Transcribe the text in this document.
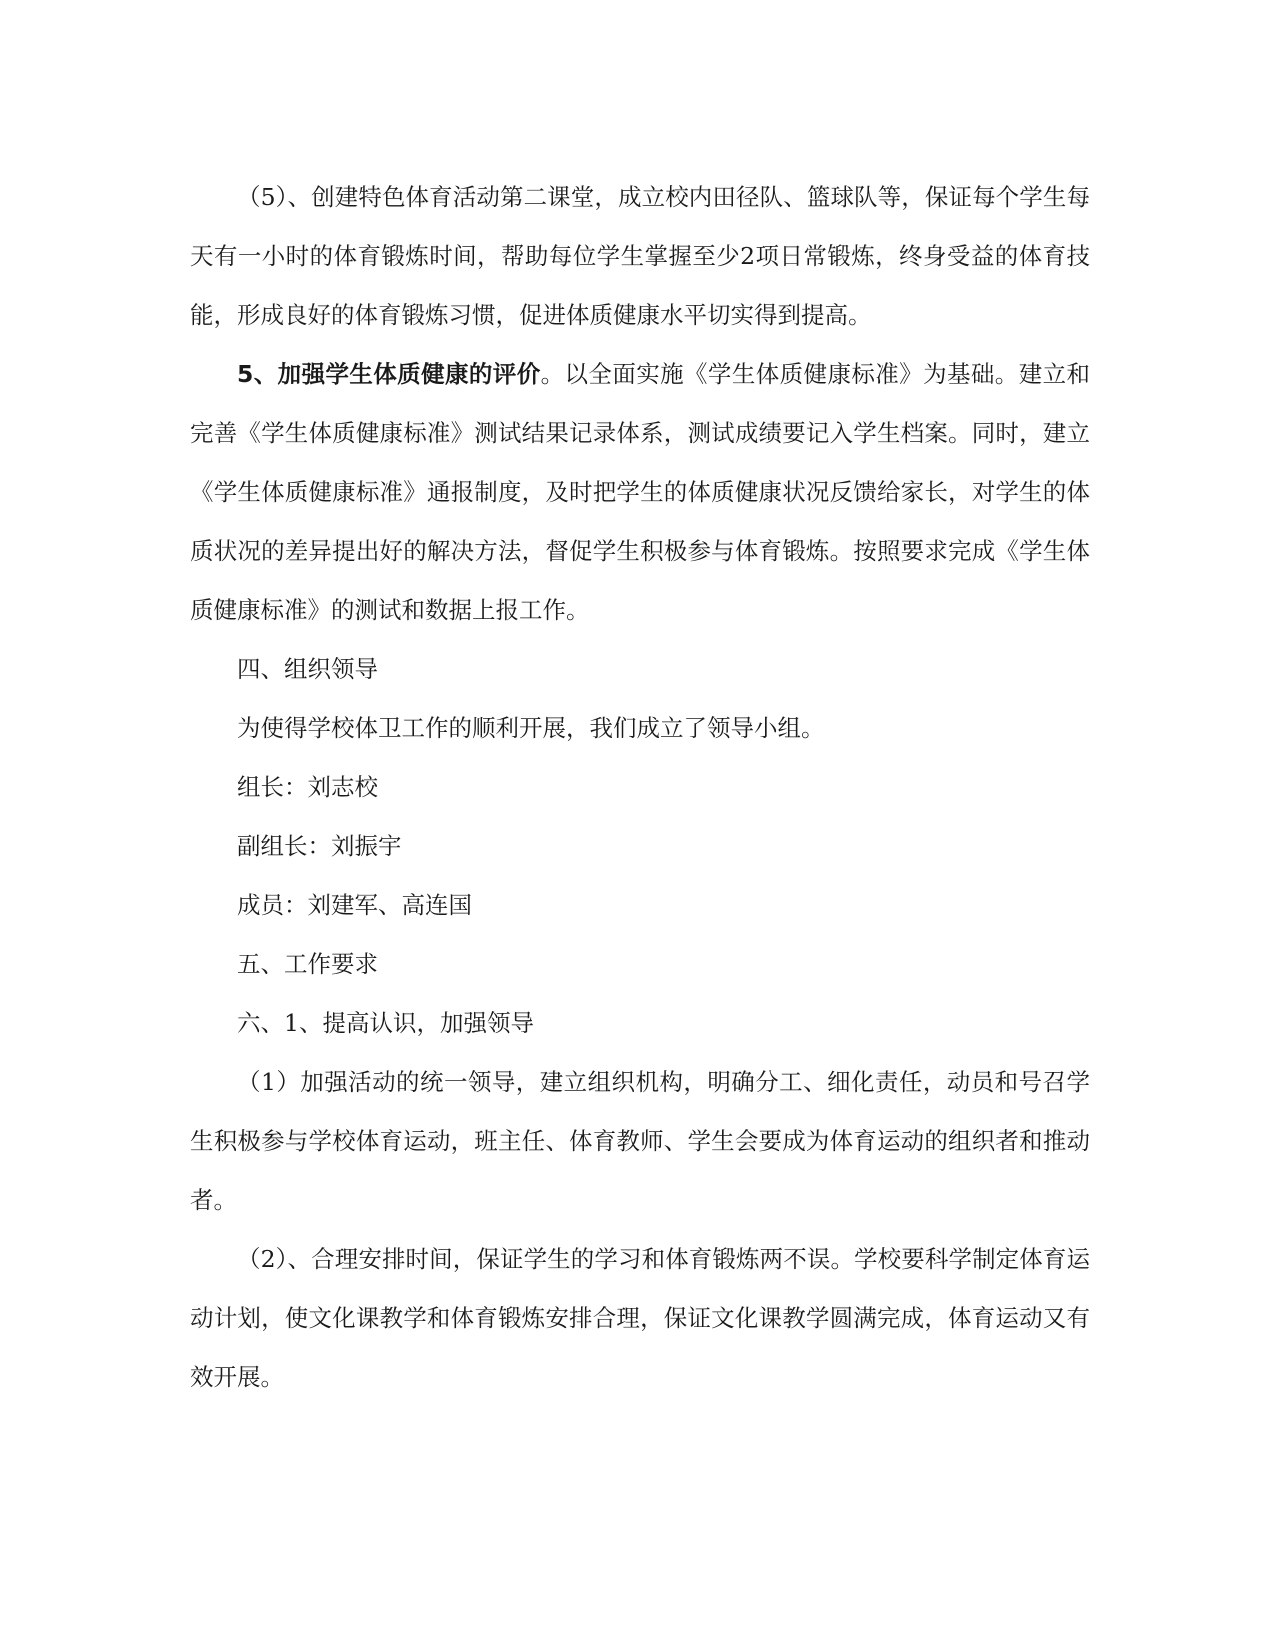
（5）、创建特色体育活动第二课堂，成立校内田径队、篮球队等，保证每个学生每天有一小时的体育锻炼时间，帮助每位学生掌握至少2项日常锻炼，终身受益的体育技能，形成良好的体育锻炼习惯，促进体质健康水平切实得到提高。

5、加强学生体质健康的评价。以全面实施《学生体质健康标准》为基础。建立和完善《学生体质健康标准》测试结果记录体系，测试成绩要记入学生档案。同时，建立《学生体质健康标准》通报制度，及时把学生的体质健康状况反馈给家长，对学生的体质状况的差异提出好的解决方法，督促学生积极参与体育锻炼。按照要求完成《学生体质健康标准》的测试和数据上报工作。

四、组织领导

为使得学校体卫工作的顺利开展，我们成立了领导小组。

组长：刘志校

副组长：刘振宇

成员：刘建军、高连国

五、工作要求

六、1、提高认识，加强领导

（1）加强活动的统一领导，建立组织机构，明确分工、细化责任，动员和号召学生积极参与学校体育运动，班主任、体育教师、学生会要成为体育运动的组织者和推动者。

（2）、合理安排时间，保证学生的学习和体育锻炼两不误。学校要科学制定体育运动计划，使文化课教学和体育锻炼安排合理，保证文化课教学圆满完成，体育运动又有效开展。
